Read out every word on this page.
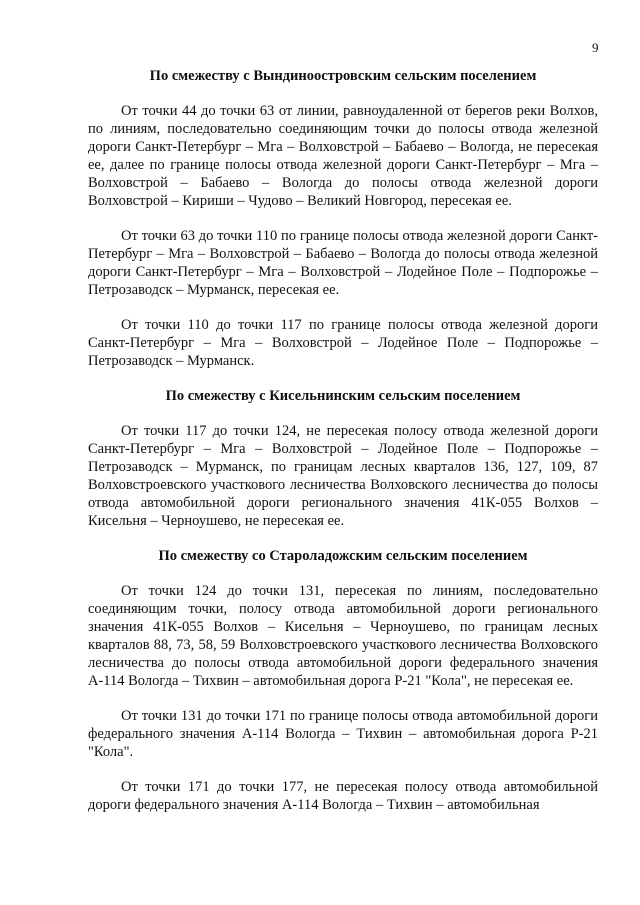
9
По смежеству с Вындиноостровским сельским поселением

От точки 44 до точки 63 от линии, равноудаленной от берегов реки Волхов, по линиям, последовательно соединяющим точки до полосы отвода железной дороги Санкт-Петербург – Мга – Волховстрой – Бабаево – Вологда, не пересекая ее, далее по границе полосы отвода железной дороги Санкт-Петербург – Мга – Волховстрой – Бабаево – Вологда до полосы отвода железной дороги Волховстрой – Кириши – Чудово – Великий Новгород, пересекая ее.

От точки 63 до точки 110 по границе полосы отвода железной дороги Санкт-Петербург – Мга – Волховстрой – Бабаево – Вологда до полосы отвода железной дороги Санкт-Петербург – Мга – Волховстрой – Лодейное Поле – Подпорожье – Петрозаводск – Мурманск, пересекая ее.

От точки 110 до точки 117 по границе полосы отвода железной дороги Санкт-Петербург – Мга – Волховстрой – Лодейное Поле – Подпорожье – Петрозаводск – Мурманск.

По смежеству с Кисельнинским сельским поселением

От точки 117 до точки 124, не пересекая полосу отвода железной дороги Санкт-Петербург – Мга – Волховстрой – Лодейное Поле – Подпорожье – Петрозаводск – Мурманск, по границам лесных кварталов 136, 127, 109, 87 Волховстроевского участкового лесничества Волховского лесничества до полосы отвода автомобильной дороги регионального значения 41К-055 Волхов – Кисельня – Черноушево, не пересекая ее.

По смежеству со Староладожским сельским поселением

От точки 124 до точки 131, пересекая по линиям, последовательно соединяющим точки, полосу отвода автомобильной дороги регионального значения 41К-055 Волхов – Кисельня – Черноушево, по границам лесных кварталов 88, 73, 58, 59 Волховстроевского участкового лесничества Волховского лесничества до полосы отвода автомобильной дороги федерального значения А-114 Вологда – Тихвин – автомобильная дорога Р-21 "Кола", не пересекая ее.

От точки 131 до точки 171 по границе полосы отвода автомобильной дороги федерального значения А-114 Вологда – Тихвин – автомобильная дорога Р-21 "Кола".

От точки 171 до точки 177, не пересекая полосу отвода автомобильной дороги федерального значения А-114 Вологда – Тихвин – автомобильная
